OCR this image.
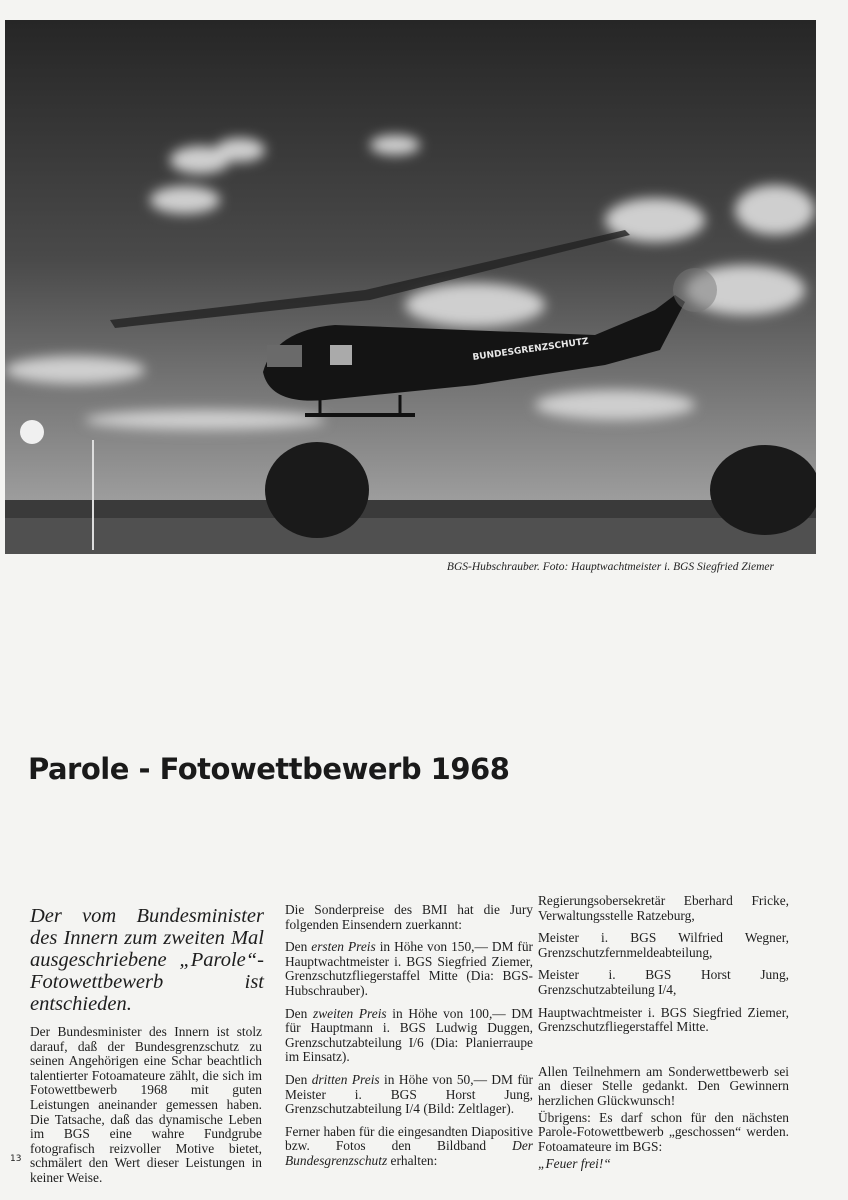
BUNDESGRENZSCHUTZ
BGS-Hubschrauber. Foto: Hauptwachtmeister i. BGS Siegfried Ziemer
Parole - Fotowettbewerb 1968
Der vom Bundesminister des Innern zum zweiten Mal ausgeschriebene „Parole“-Fotowettbewerb ist entschieden.

Der Bundesminister des Innern ist stolz darauf, daß der Bundesgrenzschutz zu seinen Angehörigen eine Schar beachtlich talentierter Fotoamateure zählt, die sich im Fotowettbewerb 1968 mit guten Leistungen aneinander gemessen haben. Die Tatsache, daß das dynamische Leben im BGS eine wahre Fundgrube fotografisch reizvoller Motive bietet, schmälert den Wert dieser Leistungen in keiner Weise.

Die Sonderpreise des BMI hat die Jury folgenden Einsendern zuerkannt:

Den ersten Preis in Höhe von 150,— DM für Hauptwachtmeister i. BGS Siegfried Ziemer, Grenzschutzfliegerstaffel Mitte (Dia: BGS-Hubschrauber).

Den zweiten Preis in Höhe von 100,— DM für Hauptmann i. BGS Ludwig Duggen, Grenzschutzabteilung I/6 (Dia: Planierraupe im Einsatz).

Den dritten Preis in Höhe von 50,— DM für Meister i. BGS Horst Jung, Grenzschutzabteilung I/4 (Bild: Zeltlager).

Ferner haben für die eingesandten Diapositive bzw. Fotos den Bildband Der Bundesgrenzschutz erhalten:

Regierungsobersekretär Eberhard Fricke, Verwaltungsstelle Ratzeburg,

Meister i. BGS Wilfried Wegner, Grenzschutzfernmeldeabteilung,

Meister i. BGS Horst Jung, Grenzschutzabteilung I/4,

Hauptwachtmeister i. BGS Siegfried Ziemer, Grenzschutzfliegerstaffel Mitte.

Allen Teilnehmern am Sonderwettbewerb sei an dieser Stelle gedankt. Den Gewinnern herzlichen Glückwunsch!

Übrigens: Es darf schon für den nächsten Parole-Fotowettbewerb „geschossen“ werden. Fotoamateure im BGS:

„Feuer frei!“

13
